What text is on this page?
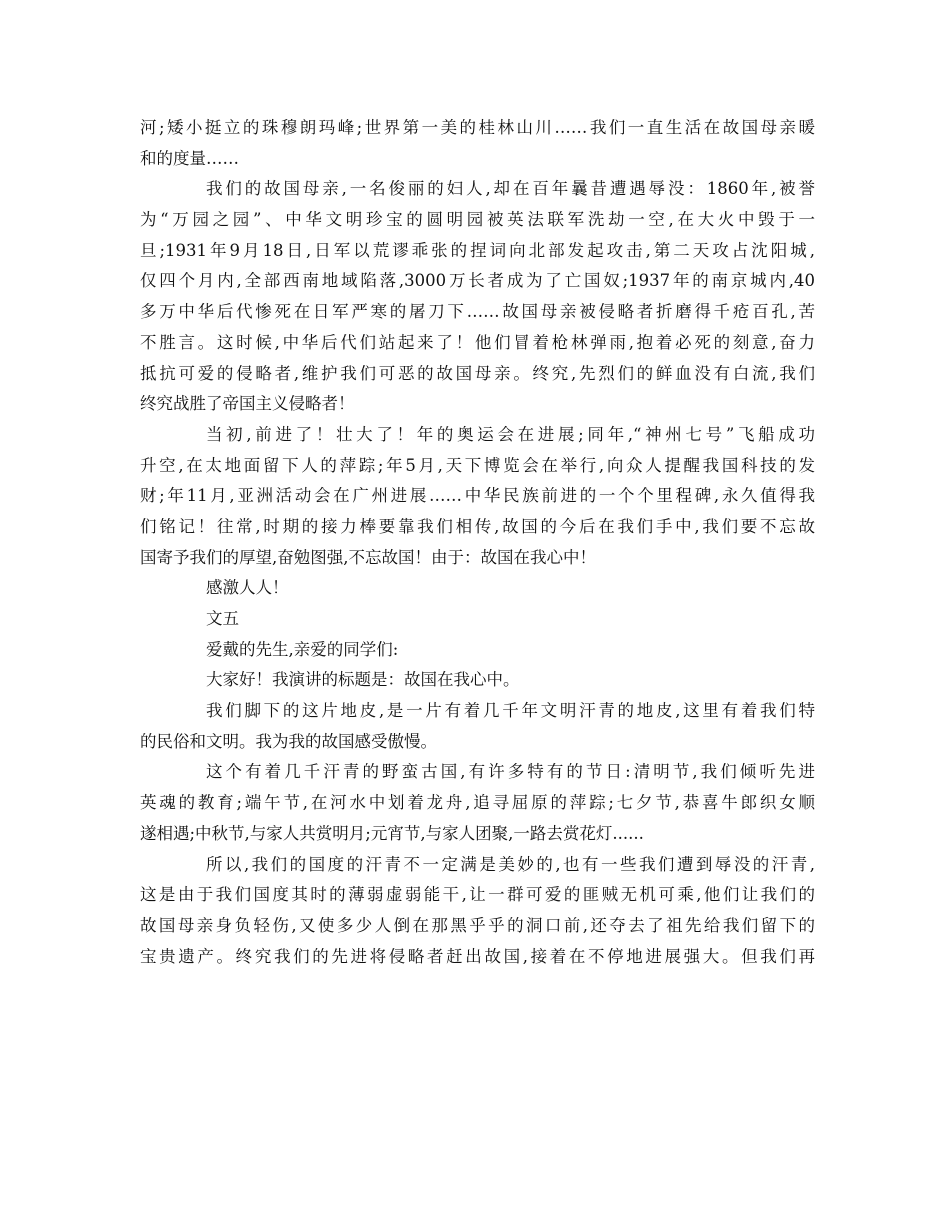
河;矮小挺立的珠穆朗玛峰;世界第一美的桂林山川……我们一直生活在故国母亲暖
和的度量……
我们的故国母亲,一名俊丽的妇人,却在百年曩昔遭遇辱没：1860年,被誉
为“万园之园”、中华文明珍宝的圆明园被英法联军洗劫一空,在大火中毁于一
旦;1931年9月18日,日军以荒谬乖张的捏词向北部发起攻击,第二天攻占沈阳城,
仅四个月内,全部西南地域陷落,3000万长者成为了亡国奴;1937年的南京城内,40
多万中华后代惨死在日军严寒的屠刀下……故国母亲被侵略者折磨得千疮百孔,苦
不胜言。这时候,中华后代们站起来了！他们冒着枪林弹雨,抱着必死的刻意,奋力
抵抗可爱的侵略者,维护我们可恶的故国母亲。终究,先烈们的鲜血没有白流,我们
终究战胜了帝国主义侵略者！
当初,前进了！壮大了！年的奥运会在进展;同年,“神州七号”飞船成功
升空,在太地面留下人的萍踪;年5月,天下博览会在举行,向众人提醒我国科技的发
财;年11月,亚洲活动会在广州进展……中华民族前进的一个个里程碑,永久值得我
们铭记！往常,时期的接力棒要靠我们相传,故国的今后在我们手中,我们要不忘故
国寄予我们的厚望,奋勉图强,不忘故国！由于：故国在我心中！
感激人人！
文五
爱戴的先生,亲爱的同学们:
大家好！我演讲的标题是：故国在我心中。
我们脚下的这片地皮,是一片有着几千年文明汗青的地皮,这里有着我们特
的民俗和文明。我为我的故国感受傲慢。
这个有着几千汗青的野蛮古国,有许多特有的节日:清明节,我们倾听先进
英魂的教育;端午节,在河水中划着龙舟,追寻屈原的萍踪;七夕节,恭喜牛郎织女顺
遂相遇;中秋节,与家人共赏明月;元宵节,与家人团聚,一路去赏花灯......
所以,我们的国度的汗青不一定满是美妙的,也有一些我们遭到辱没的汗青,
这是由于我们国度其时的薄弱虚弱能干,让一群可爱的匪贼无机可乘,他们让我们的
故国母亲身负轻伤,又使多少人倒在那黑乎乎的洞口前,还夺去了祖先给我们留下的
宝贵遗产。终究我们的先进将侵略者赶出故国,接着在不停地进展强大。但我们再
